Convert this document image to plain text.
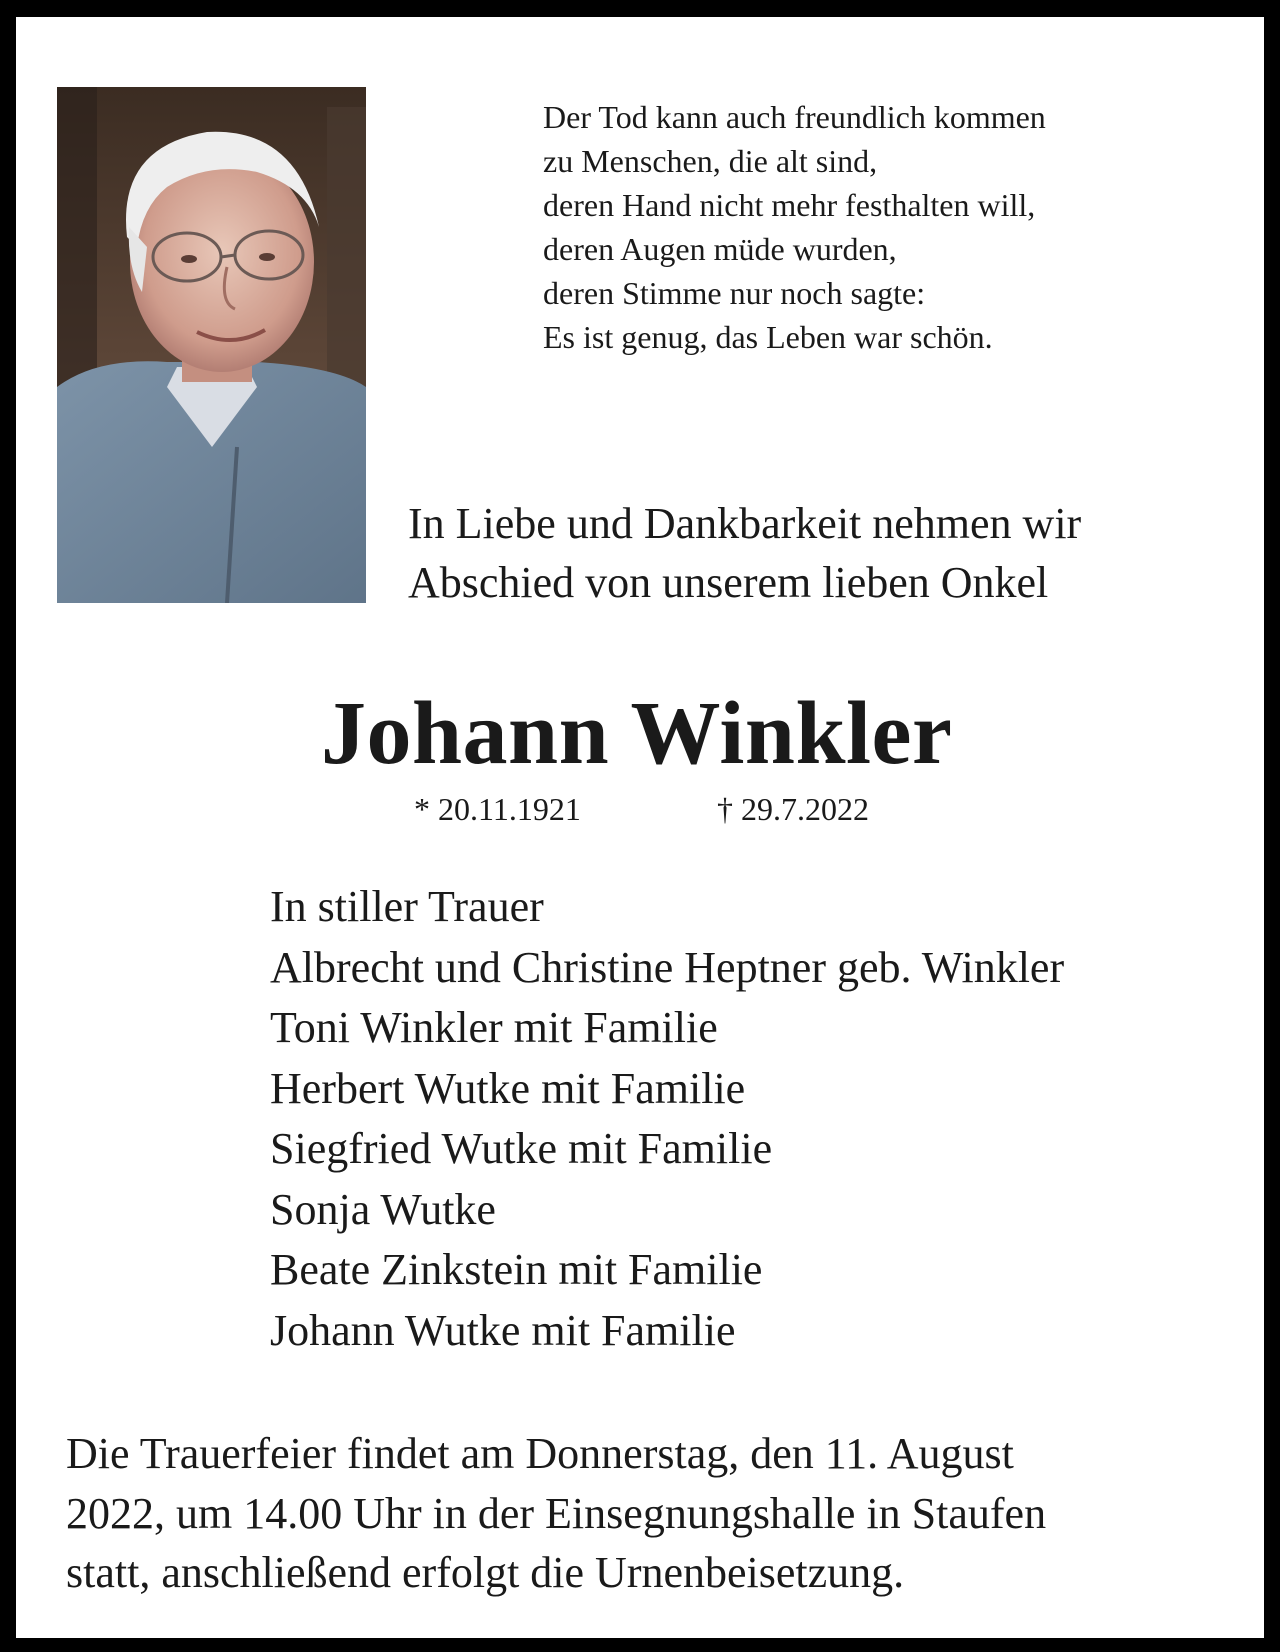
Der Tod kann auch freundlich kommen
zu Menschen, die alt sind,
deren Hand nicht mehr festhalten will,
deren Augen müde wurden,
deren Stimme nur noch sagte:
Es ist genug, das Leben war schön.
In Liebe und Dankbarkeit nehmen wir
Abschied von unserem lieben Onkel
Johann Winkler
* 20.11.1921	† 29.7.2022
In stiller Trauer
Albrecht und Christine Heptner geb. Winkler
Toni Winkler mit Familie
Herbert Wutke mit Familie
Siegfried Wutke mit Familie
Sonja Wutke
Beate Zinkstein mit Familie
Johann Wutke mit Familie
Die Trauerfeier findet am Donnerstag, den 11. August
2022, um 14.00 Uhr in der Einsegnungshalle in Staufen
statt, anschließend erfolgt die Urnenbeisetzung.
